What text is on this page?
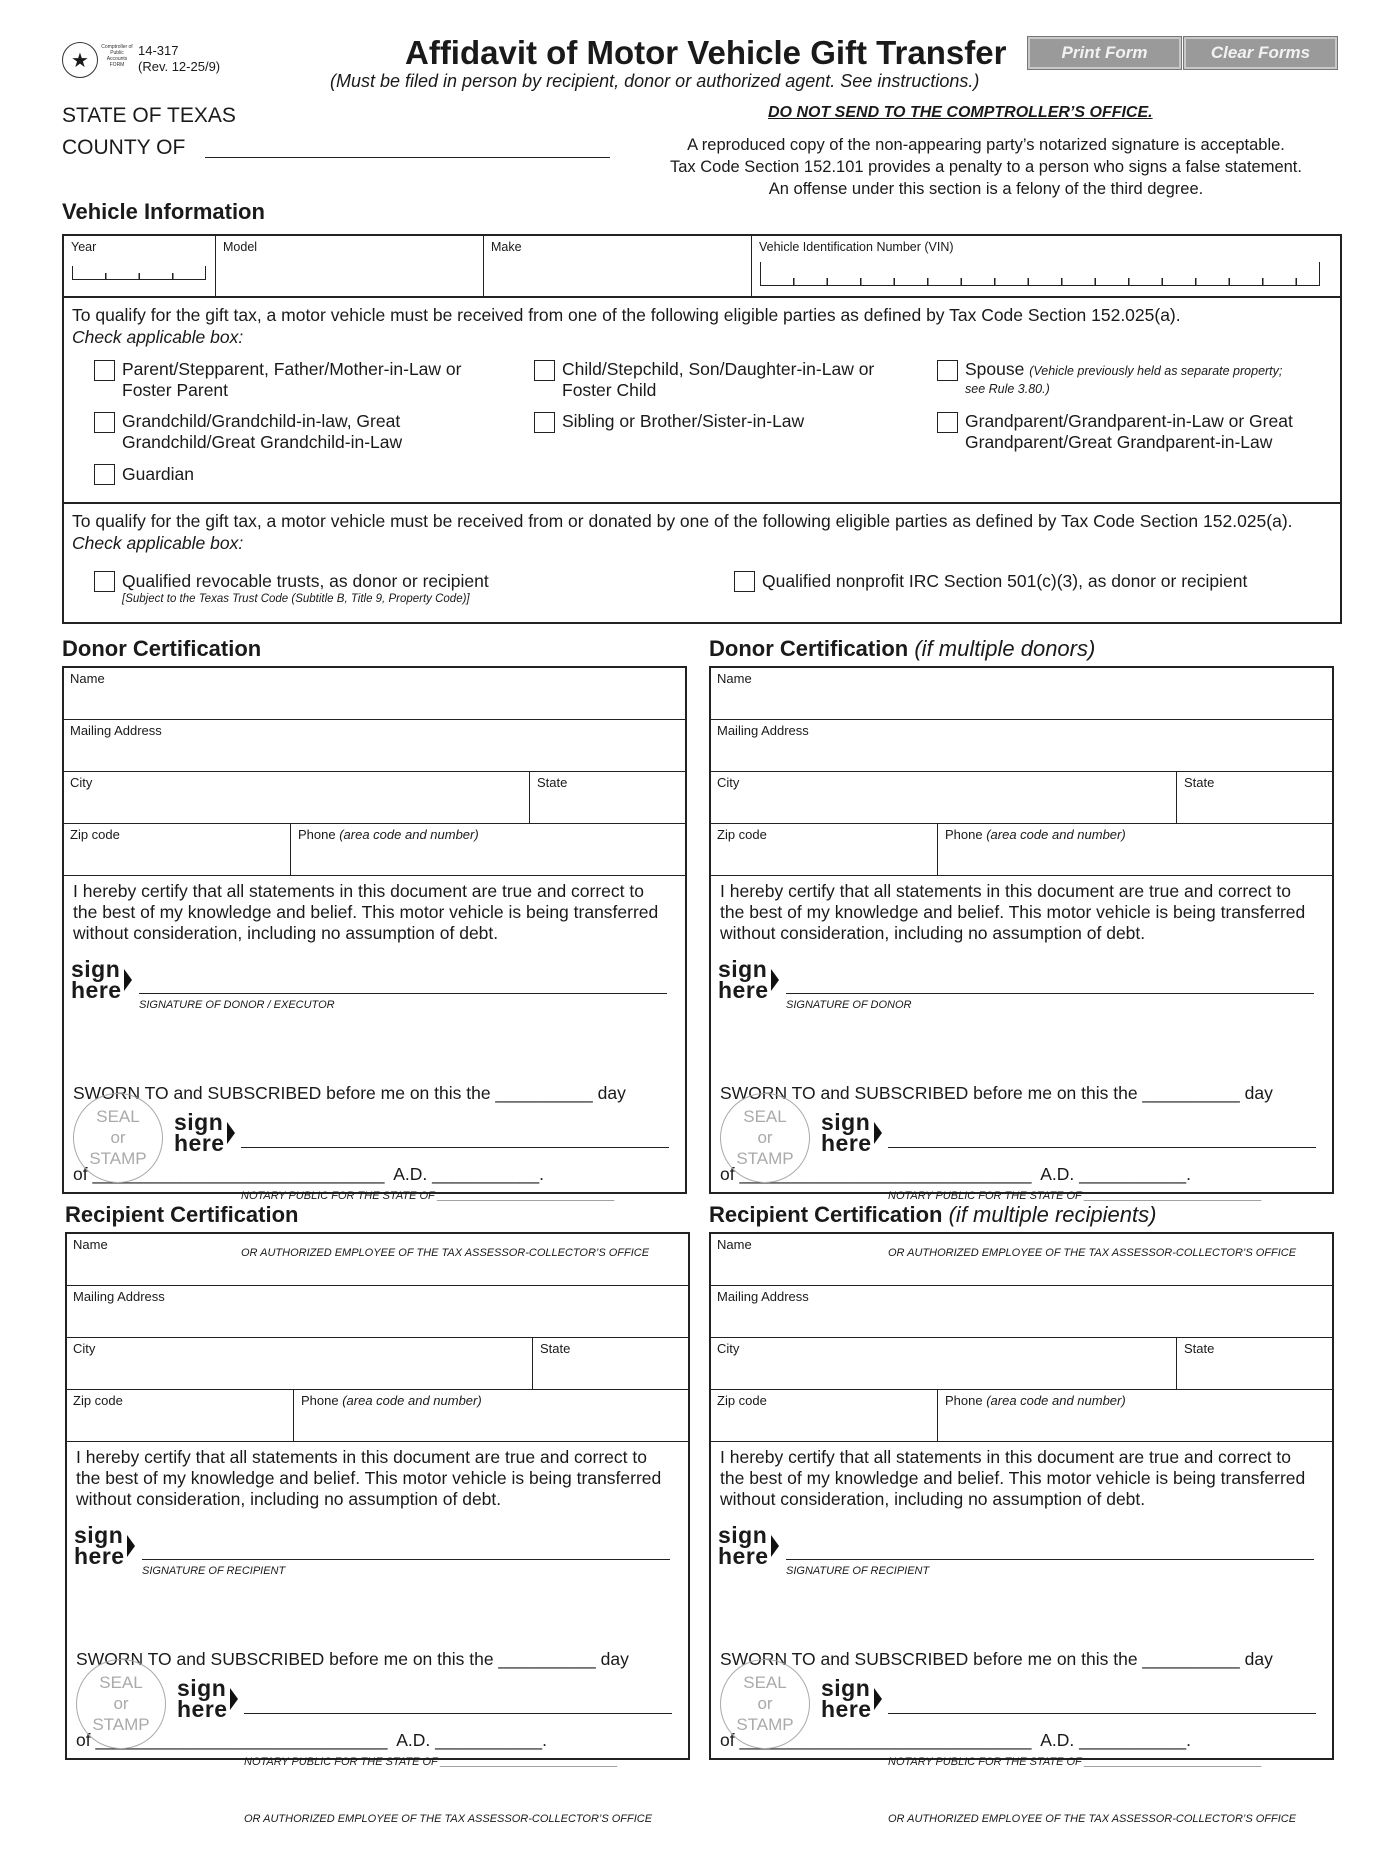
★
Comptroller of Public Accounts FORM
14-317
(Rev. 12-25/9)	Affidavit of Motor Vehicle Gift Transfer	Print Form	Clear Forms
(Must be filed in person by recipient, donor or authorized agent. See instructions.)
STATE OF TEXAS
COUNTY OF
DO NOT SEND TO THE COMPTROLLER’S OFFICE.
A reproduced copy of the non-appearing party’s notarized signature is acceptable.
Tax Code Section 152.101 provides a penalty to a person who signs a false statement.
An offense under this section is a felony of the third degree.
Vehicle Information
Year	Model	Make	Vehicle Identification Number (VIN)
To qualify for the gift tax, a motor vehicle must be received from one of the following eligible parties as defined by Tax Code Section 152.025(a).
Check applicable box:
Parent/Stepparent, Father/Mother-in-Law or
Foster Parent
Grandchild/Grandchild-in-law, Great
Grandchild/Great Grandchild-in-Law
Guardian
Child/Stepchild, Son/Daughter-in-Law or
Foster Child
Sibling or Brother/Sister-in-Law
Spouse (Vehicle previously held as separate property;
see Rule 3.80.)
Grandparent/Grandparent-in-Law or Great
Grandparent/Great Grandparent-in-Law
To qualify for the gift tax, a motor vehicle must be received from or donated by one of the following eligible parties as defined by Tax Code Section 152.025(a).
Check applicable box:
Qualified revocable trusts, as donor or recipient
[Subject to the Texas Trust Code (Subtitle B, Title 9, Property Code)]
Qualified nonprofit IRC Section 501(c)(3), as donor or recipient
Donor Certification
Name
Mailing Address
City	State
Zip code	Phone (area code and number)
I hereby certify that all statements in this document are true and correct to the best of my knowledge and belief. This motor vehicle is being transferred without consideration, including no assumption of debt.
sign
here
SIGNATURE OF DONOR / EXECUTOR

SWORN TO and SUBSCRIBED before me on this the __________ day

of ______________________________  A.D. ___________.

SEAL
or
STAMP
sign
here

NOTARY PUBLIC FOR THE STATE OF _____________________________

OR AUTHORIZED EMPLOYEE OF THE TAX ASSESSOR-COLLECTOR’S OFFICE

Donor Certification (if multiple donors)
Name
Mailing Address
City	State
Zip code	Phone (area code and number)
I hereby certify that all statements in this document are true and correct to the best of my knowledge and belief. This motor vehicle is being transferred without consideration, including no assumption of debt.
sign
here
SIGNATURE OF DONOR

SWORN TO and SUBSCRIBED before me on this the __________ day

of ______________________________  A.D. ___________.

SEAL
or
STAMP
sign
here

NOTARY PUBLIC FOR THE STATE OF _____________________________

OR AUTHORIZED EMPLOYEE OF THE TAX ASSESSOR-COLLECTOR’S OFFICE

Recipient Certification
Name
Mailing Address
City	State
Zip code	Phone (area code and number)
I hereby certify that all statements in this document are true and correct to the best of my knowledge and belief. This motor vehicle is being transferred without consideration, including no assumption of debt.
sign
here
SIGNATURE OF RECIPIENT

SWORN TO and SUBSCRIBED before me on this the __________ day

of ______________________________  A.D. ___________.

SEAL
or
STAMP
sign
here

NOTARY PUBLIC FOR THE STATE OF _____________________________

OR AUTHORIZED EMPLOYEE OF THE TAX ASSESSOR-COLLECTOR’S OFFICE

Recipient Certification (if multiple recipients)
Name
Mailing Address
City	State
Zip code	Phone (area code and number)
I hereby certify that all statements in this document are true and correct to the best of my knowledge and belief. This motor vehicle is being transferred without consideration, including no assumption of debt.
sign
here
SIGNATURE OF RECIPIENT

SWORN TO and SUBSCRIBED before me on this the __________ day

of ______________________________  A.D. ___________.

SEAL
or
STAMP
sign
here

NOTARY PUBLIC FOR THE STATE OF _____________________________

OR AUTHORIZED EMPLOYEE OF THE TAX ASSESSOR-COLLECTOR’S OFFICE
